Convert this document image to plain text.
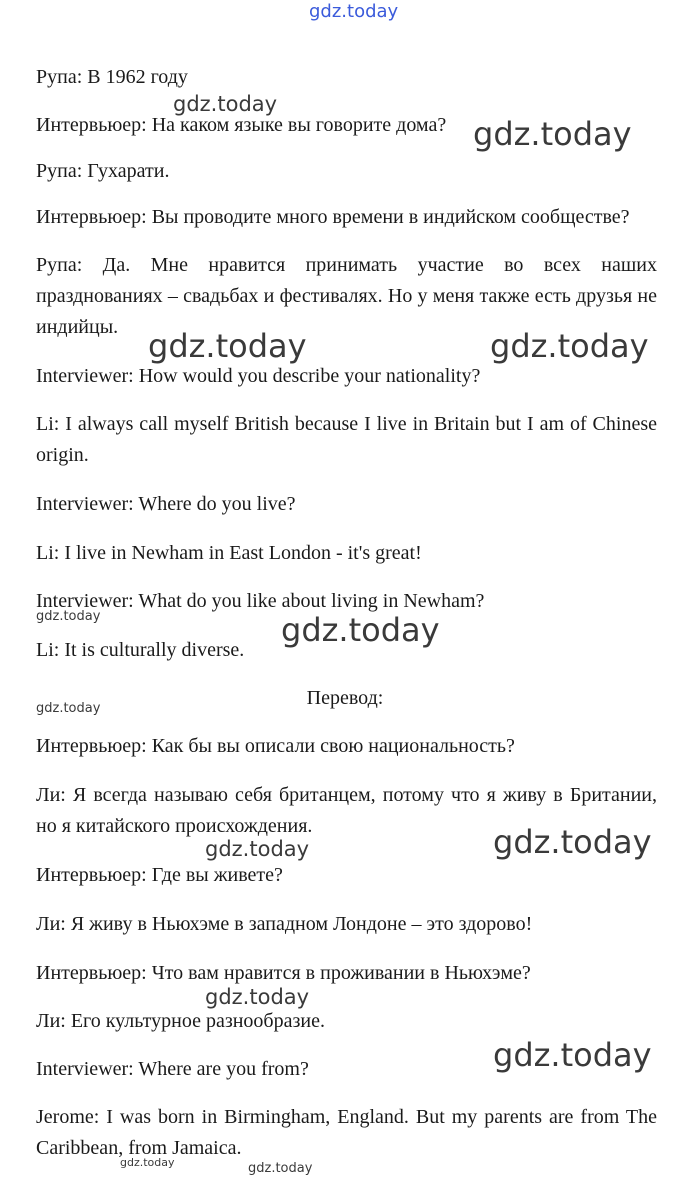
gdz.today
gdz.today
gdz.today
gdz.today	gdz.today
gdz.today	gdz.today
gdz.today
gdz.today
gdz.today
gdz.today
gdz.today
gdz.today	gdz.today

Рупа: В 1962 году

Интервьюер: На каком языке вы говорите дома?

Рупа: Гухарати.

Интервьюер: Вы проводите много времени в индийском сообществе?

Рупа: Да. Мне нравится принимать участие во всех наших празднованиях – свадьбах и фестивалях. Но у меня также есть друзья не индийцы.

Interviewer: How would you describe your nationality?

Li: I always call myself British because I live in Britain but I am of Chinese origin.

Interviewer: Where do you live?

Li: I live in Newham in East London - it's great!

Interviewer: What do you like about living in Newham?

Li: It is culturally diverse.

Перевод:

Интервьюер: Как бы вы описали свою национальность?

Ли: Я всегда называю себя британцем, потому что я живу в Британии, но я китайского происхождения.

Интервьюер: Где вы живете?

Ли: Я живу в Ньюхэме в западном Лондоне – это здорово!

Интервьюер: Что вам нравится в проживании в Ньюхэме?

Ли: Его культурное разнообразие.

Interviewer: Where are you from?

Jerome: I was born in Birmingham, England. But my parents are from The Caribbean, from Jamaica.
